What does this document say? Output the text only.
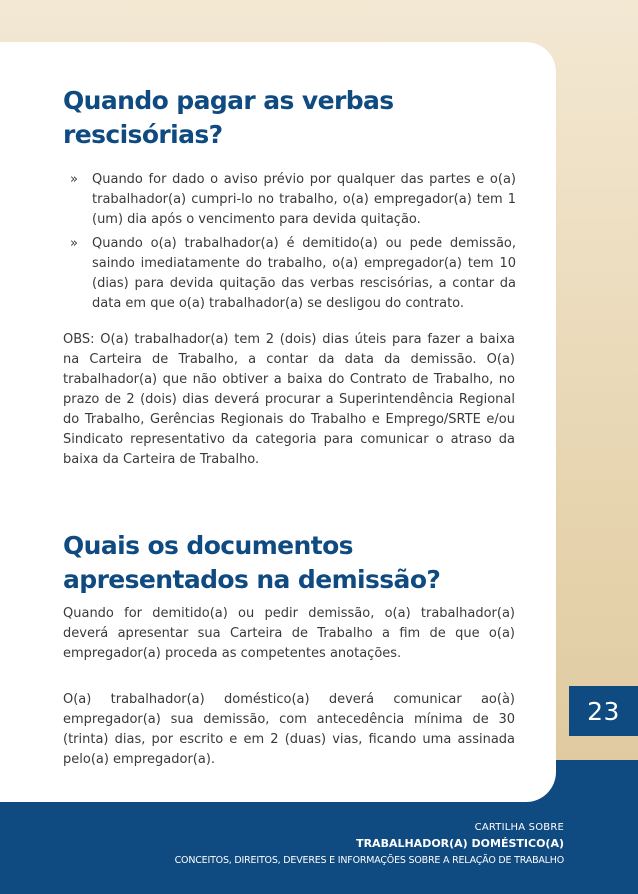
23
Quando pagar as verbas rescisórias?
» Quando for dado o aviso prévio por qualquer das partes e o(a) trabalhador(a) cumpri-lo no trabalho, o(a) empregador(a) tem 1 (um) dia após o vencimento para devida quitação.

» Quando o(a) trabalhador(a) é demitido(a) ou pede demissão, saindo imediatamente do trabalho, o(a) empregador(a) tem 10 (dias) para devida quitação das verbas rescisórias, a contar da data em que o(a) trabalhador(a) se desligou do contrato.

OBS: O(a) trabalhador(a) tem 2 (dois) dias úteis para fazer a baixa na Carteira de Trabalho, a contar da data da demissão. O(a) trabalhador(a) que não obtiver a baixa do Contrato de Trabalho, no prazo de 2 (dois) dias deverá procurar a Superintendência Regional do Trabalho, Gerências Regionais do Trabalho e Emprego/SRTE e/ou Sindicato representativo da categoria para comunicar o atraso da baixa da Carteira de Trabalho.

Quais os documentos apresentados na demissão?

Quando for demitido(a) ou pedir demissão, o(a) trabalhador(a) deverá apresentar sua Carteira de Trabalho a fim de que o(a) empregador(a) proceda as competentes anotações.

O(a) trabalhador(a) doméstico(a) deverá comunicar ao(à) empregador(a) sua demissão, com antecedência mínima de 30 (trinta) dias, por escrito e em 2 (duas) vias, ficando uma assinada pelo(a) empregador(a).

CARTILHA SOBRE
TRABALHADOR(A) DOMÉSTICO(A)
CONCEITOS, DIREITOS, DEVERES E INFORMAÇÕES SOBRE A RELAÇÃO DE TRABALHO
